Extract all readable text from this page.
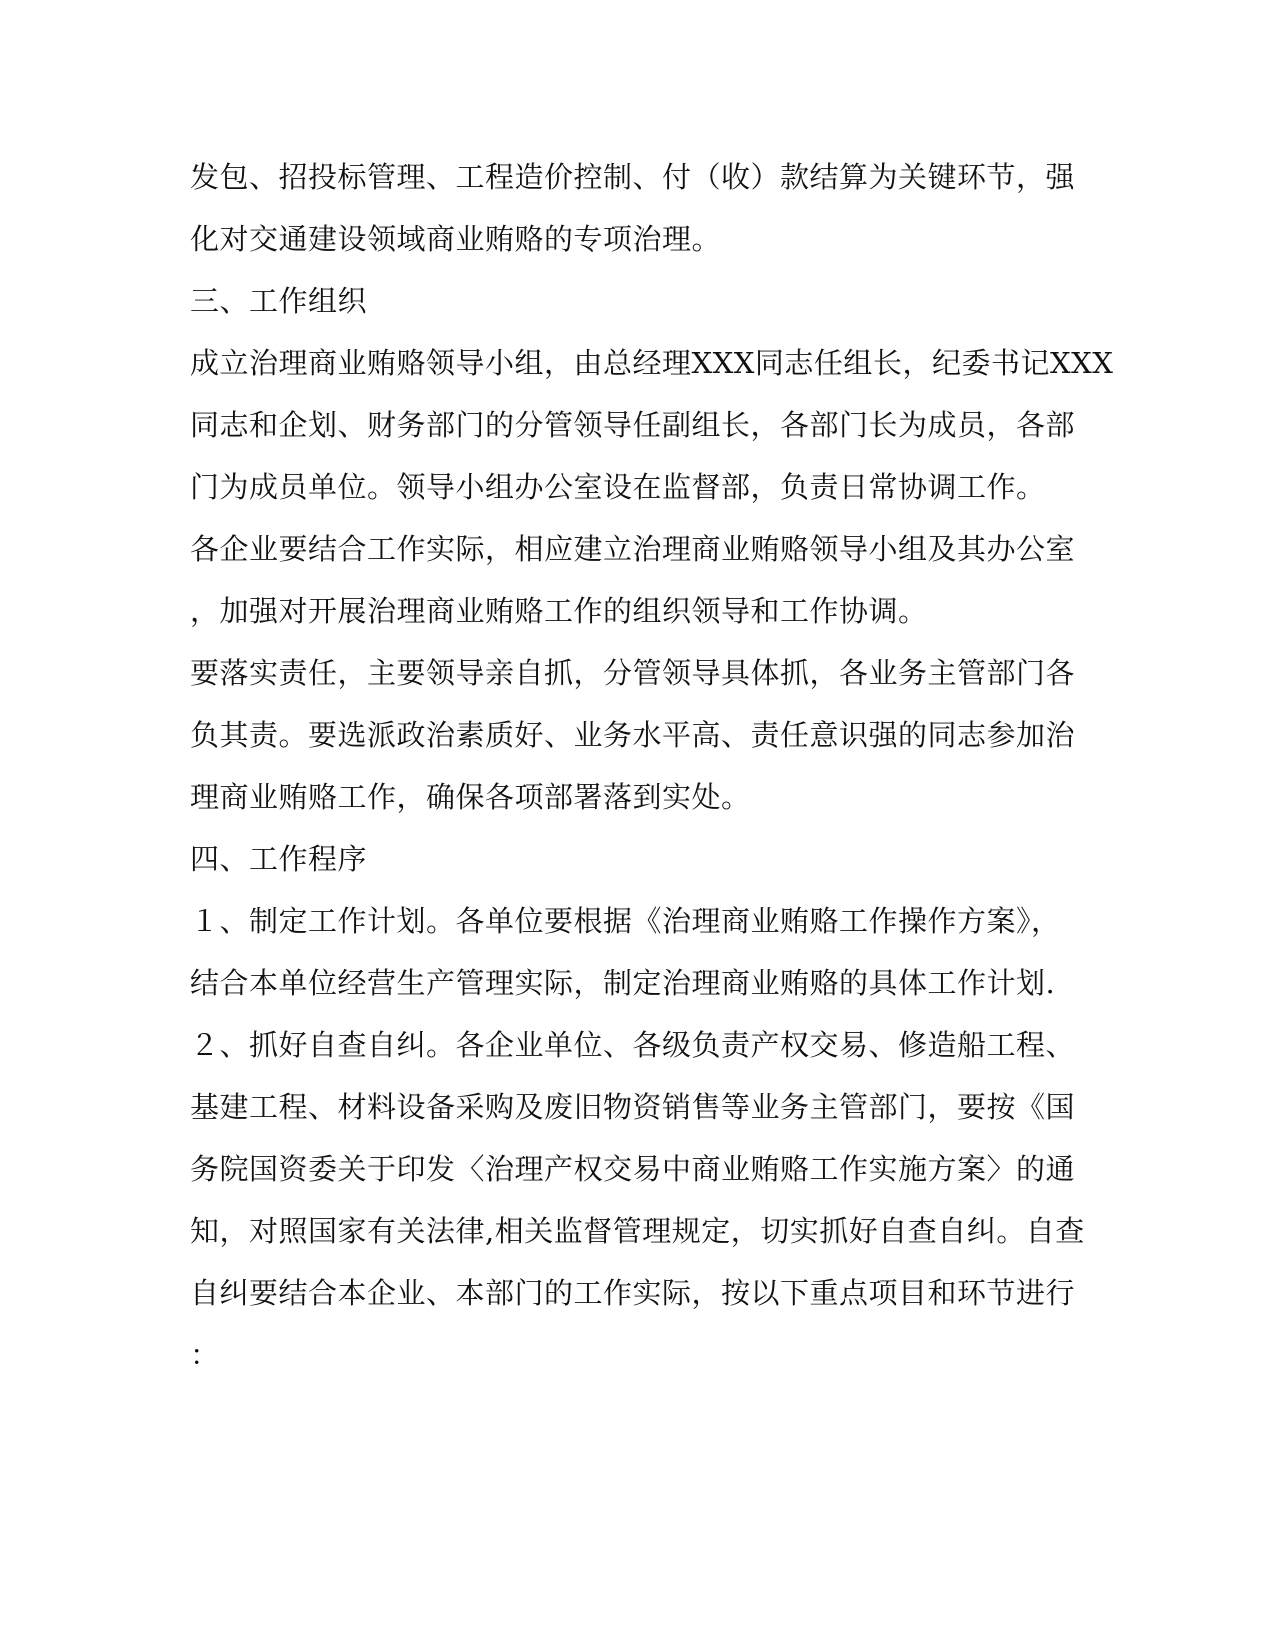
发包、招投标管理、工程造价控制、付（收）款结算为关键环节，强
化对交通建设领域商业贿赂的专项治理。
三、工作组织
成立治理商业贿赂领导小组，由总经理XXX同志任组长，纪委书记XXX
同志和企划、财务部门的分管领导任副组长，各部门长为成员，各部
门为成员单位。领导小组办公室设在监督部，负责日常协调工作。
各企业要结合工作实际，相应建立治理商业贿赂领导小组及其办公室
，加强对开展治理商业贿赂工作的组织领导和工作协调。
要落实责任，主要领导亲自抓，分管领导具体抓，各业务主管部门各
负其责。要选派政治素质好、业务水平高、责任意识强的同志参加治
理商业贿赂工作，确保各项部署落到实处。
四、工作程序
１、制定工作计划。各单位要根据《治理商业贿赂工作操作方案》，
结合本单位经营生产管理实际，制定治理商业贿赂的具体工作计划.
２、抓好自查自纠。各企业单位、各级负责产权交易、修造船工程、
基建工程、材料设备采购及废旧物资销售等业务主管部门，要按《国
务院国资委关于印发〈治理产权交易中商业贿赂工作实施方案〉的通
知，对照国家有关法律,相关监督管理规定，切实抓好自查自纠。自查
自纠要结合本企业、本部门的工作实际，按以下重点项目和环节进行
：
